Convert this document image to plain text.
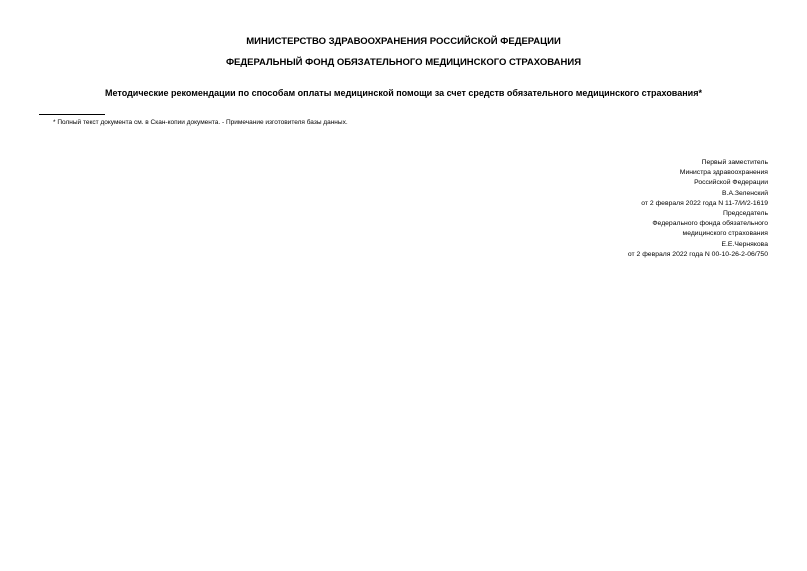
МИНИСТЕРСТВО ЗДРАВООХРАНЕНИЯ РОССИЙСКОЙ ФЕДЕРАЦИИ
ФЕДЕРАЛЬНЫЙ ФОНД ОБЯЗАТЕЛЬНОГО МЕДИЦИНСКОГО СТРАХОВАНИЯ
Методические рекомендации по способам оплаты медицинской помощи за счет средств обязательного медицинского страхования*
* Полный текст документа см. в Скан-копии документа. - Примечание изготовителя базы данных.
Первый заместитель
Министра здравоохранения
Российской Федерации
В.А.Зеленский
от 2 февраля 2022 года N 11-7/И/2-1619
Председатель
Федерального фонда обязательного
медицинского страхования
Е.Е.Чернякова
от 2 февраля 2022 года N 00-10-26-2-06/750
